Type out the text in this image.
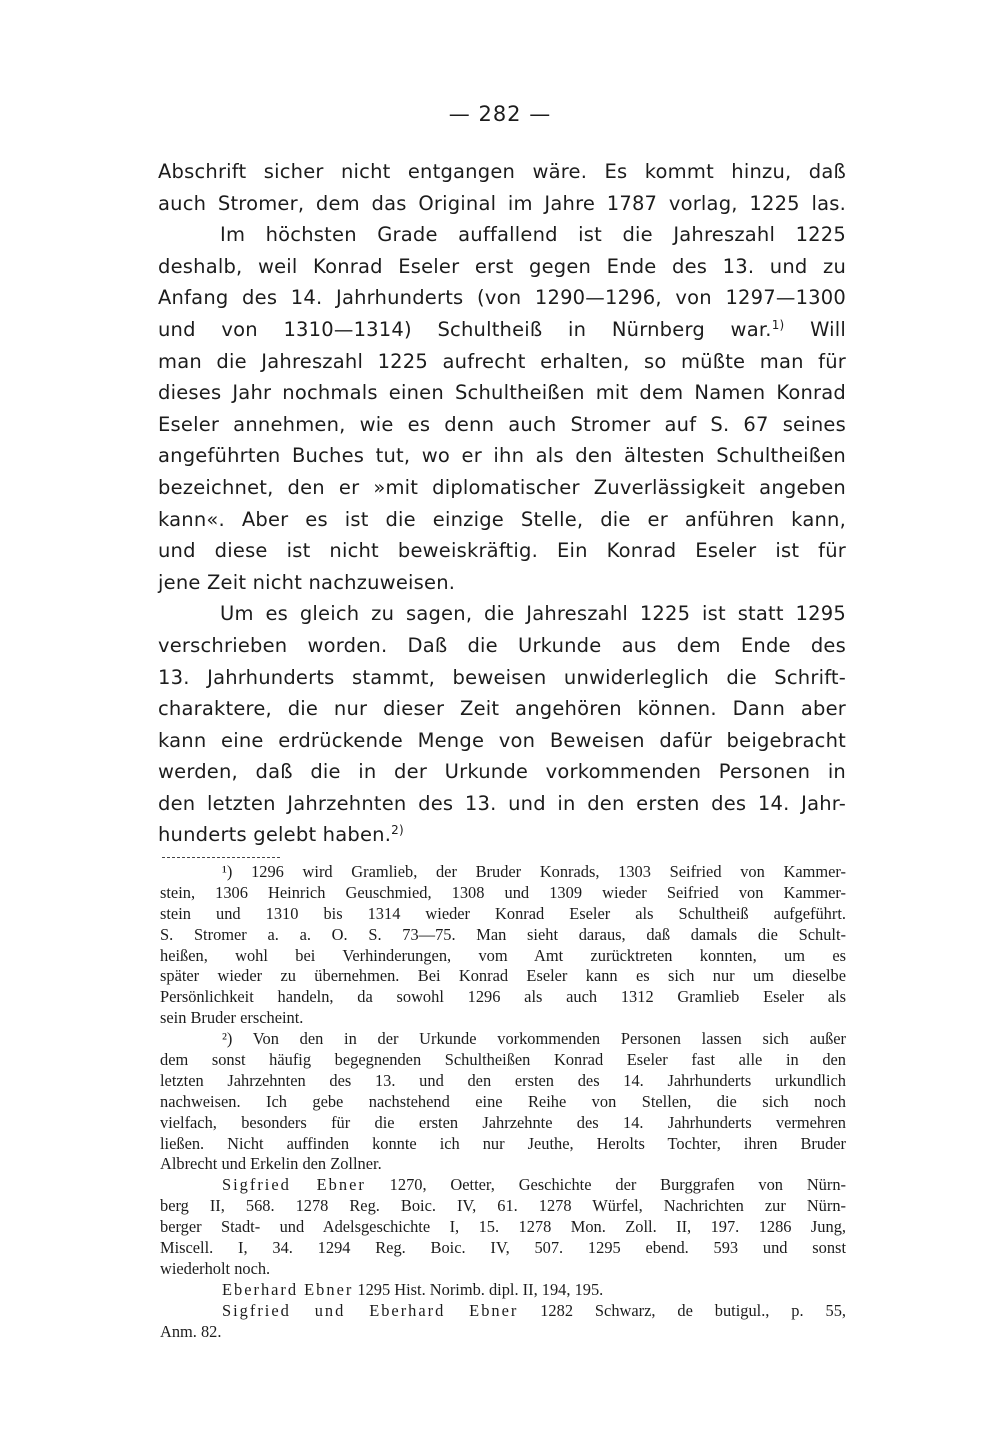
— 282 —
Abschrift sicher nicht entgangen wäre. Es kommt hinzu, daß
auch Stromer, dem das Original im Jahre 1787 vorlag, 1225 las.
Im höchsten Grade auffallend ist die Jahreszahl 1225
deshalb, weil Konrad Eseler erst gegen Ende des 13. und zu
Anfang des 14. Jahrhunderts (von 1290—1296, von 1297—1300
und von 1310—1314) Schultheiß in Nürnberg war.$^{1)}$ Will
man die Jahreszahl 1225 aufrecht erhalten, so müßte man für
dieses Jahr nochmals einen Schultheißen mit dem Namen Konrad
Eseler annehmen, wie es denn auch Stromer auf S. 67 seines
angeführten Buches tut, wo er ihn als den ältesten Schultheißen
bezeichnet, den er »mit diplomatischer Zuverlässigkeit angeben
kann«. Aber es ist die einzige Stelle, die er anführen kann,
und diese ist nicht beweiskräftig. Ein Konrad Eseler ist für
jene Zeit nicht nachzuweisen.
Um es gleich zu sagen, die Jahreszahl 1225 ist statt 1295
verschrieben worden. Daß die Urkunde aus dem Ende des
13. Jahrhunderts stammt, beweisen unwiderleglich die Schrift-
charaktere, die nur dieser Zeit angehören können. Dann aber
kann eine erdrückende Menge von Beweisen dafür beigebracht
werden, daß die in der Urkunde vorkommenden Personen in
den letzten Jahrzehnten des 13. und in den ersten des 14. Jahr-
hunderts gelebt haben.$^{2)}$
¹) 1296 wird Gramlieb, der Bruder Konrads, 1303 Seifried von Kammer-
stein, 1306 Heinrich Geuschmied, 1308 und 1309 wieder Seifried von Kammer-
stein und 1310 bis 1314 wieder Konrad Eseler als Schultheiß aufgeführt.
S. Stromer a. a. O. S. 73—75. Man sieht daraus, daß damals die Schult-
heißen, wohl bei Verhinderungen, vom Amt zurücktreten konnten, um es
später wieder zu übernehmen. Bei Konrad Eseler kann es sich nur um dieselbe
Persönlichkeit handeln, da sowohl 1296 als auch 1312 Gramlieb Eseler als
sein Bruder erscheint.
²) Von den in der Urkunde vorkommenden Personen lassen sich außer
dem sonst häufig begegnenden Schultheißen Konrad Eseler fast alle in den
letzten Jahrzehnten des 13. und den ersten des 14. Jahrhunderts urkundlich
nachweisen. Ich gebe nachstehend eine Reihe von Stellen, die sich noch
vielfach, besonders für die ersten Jahrzehnte des 14. Jahrhunderts vermehren
ließen. Nicht auffinden konnte ich nur Jeuthe, Herolts Tochter, ihren Bruder
Albrecht und Erkelin den Zollner.
Sigfried Ebner 1270, Oetter, Geschichte der Burggrafen von Nürn-
berg II, 568. 1278 Reg. Boic. IV, 61. 1278 Würfel, Nachrichten zur Nürn-
berger Stadt- und Adelsgeschichte I, 15. 1278 Mon. Zoll. II, 197. 1286 Jung,
Miscell. I, 34. 1294 Reg. Boic. IV, 507. 1295 ebend. 593 und sonst
wiederholt noch.
Eberhard Ebner 1295 Hist. Norimb. dipl. II, 194, 195.
Sigfried und Eberhard Ebner 1282 Schwarz, de butigul., p. 55,
Anm. 82.
